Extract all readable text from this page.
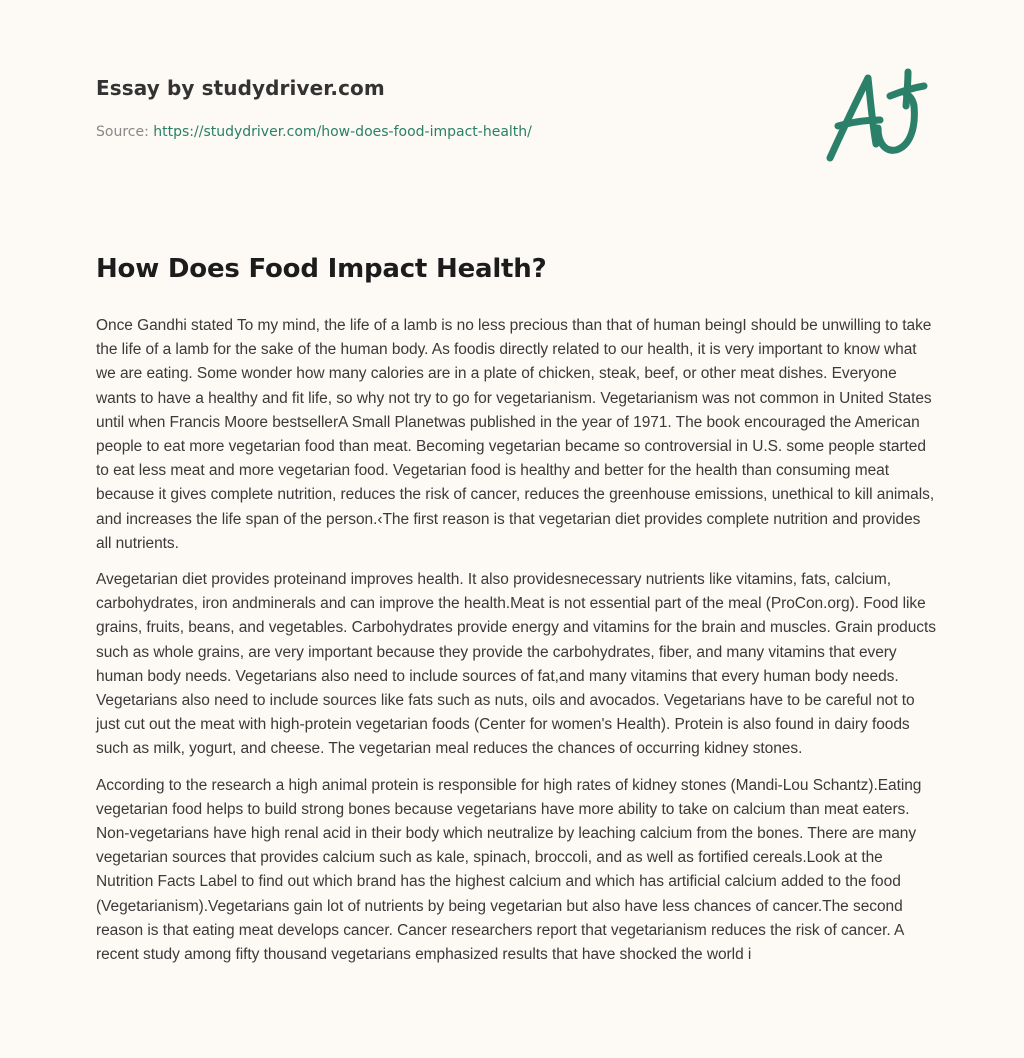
Essay by studydriver.com
Source: https://studydriver.com/how-does-food-impact-health/
How Does Food Impact Health?

Once Gandhi stated To my mind, the life of a lamb is no less precious than that of human beingI should be unwilling to take the life of a lamb for the sake of the human body. As foodis directly related to our health, it is very important to know what we are eating. Some wonder how many calories are in a plate of chicken, steak, beef, or other meat dishes. Everyone wants to have a healthy and fit life, so why not try to go for vegetarianism. Vegetarianism was not common in United States until when Francis Moore bestsellerA Small Planetwas published in the year of 1971. The book encouraged the American people to eat more vegetarian food than meat. Becoming vegetarian became so controversial in U.S. some people started to eat less meat and more vegetarian food. Vegetarian food is healthy and better for the health than consuming meat because it gives complete nutrition, reduces the risk of cancer, reduces the greenhouse emissions, unethical to kill animals, and increases the life span of the person.‹The first reason is that vegetarian diet provides complete nutrition and provides all nutrients.

Avegetarian diet provides proteinand improves health. It also providesnecessary nutrients like vitamins, fats, calcium, carbohydrates, iron andminerals and can improve the health.Meat is not essential part of the meal (ProCon.org). Food like grains, fruits, beans, and vegetables. Carbohydrates provide energy and vitamins for the brain and muscles. Grain products such as whole grains, are very important because they provide the carbohydrates, fiber, and many vitamins that every human body needs. Vegetarians also need to include sources of fat,and many vitamins that every human body needs. Vegetarians also need to include sources like fats such as nuts, oils and avocados. Vegetarians have to be careful not to just cut out the meat with high-protein vegetarian foods (Center for women's Health). Protein is also found in dairy foods such as milk, yogurt, and cheese. The vegetarian meal reduces the chances of occurring kidney stones.

According to the research a high animal protein is responsible for high rates of kidney stones (Mandi-Lou Schantz).Eating vegetarian food helps to build strong bones because vegetarians have more ability to take on calcium than meat eaters. Non-vegetarians have high renal acid in their body which neutralize by leaching calcium from the bones. There are many vegetarian sources that provides calcium such as kale, spinach, broccoli, and as well as fortified cereals.Look at the Nutrition Facts Label to find out which brand has the highest calcium and which has artificial calcium added to the food (Vegetarianism).Vegetarians gain lot of nutrients by being vegetarian but also have less chances of cancer.The second reason is that eating meat develops cancer. Cancer researchers report that vegetarianism reduces the risk of cancer. A recent study among fifty thousand vegetarians emphasized results that have shocked the world i
